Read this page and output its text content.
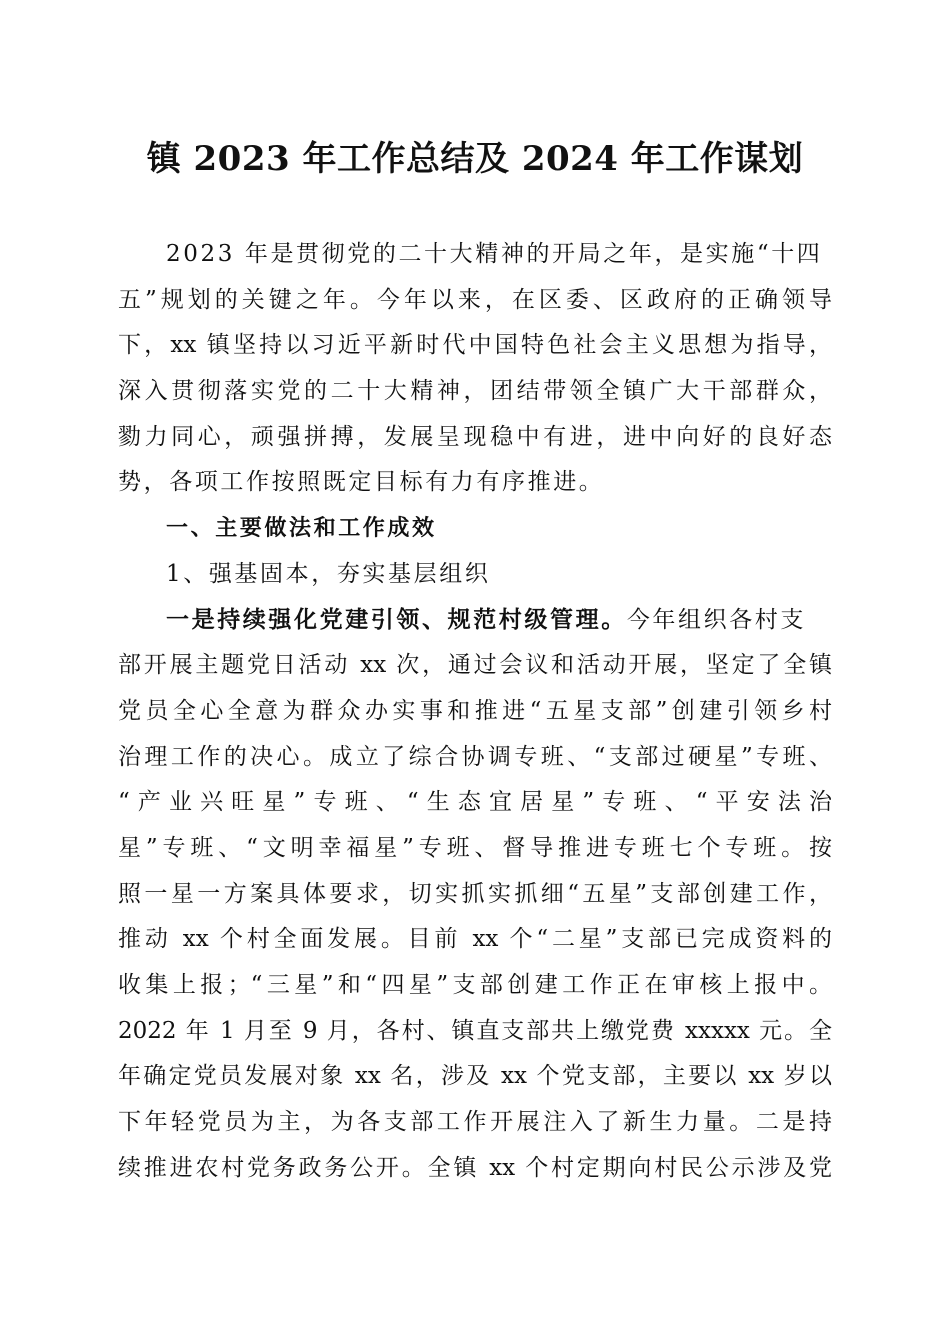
镇 2023 年工作总结及 2024 年工作谋划
2023 年是贯彻党的二十大精神的开局之年，是实施“十四
五”规划的关键之年。今年以来，在区委、区政府的正确领导
下，xx 镇坚持以习近平新时代中国特色社会主义思想为指导，
深入贯彻落实党的二十大精神，团结带领全镇广大干部群众，
勠力同心，顽强拼搏，发展呈现稳中有进，进中向好的良好态
势，各项工作按照既定目标有力有序推进。
一、主要做法和工作成效
1、强基固本，夯实基层组织
一是持续强化党建引领、规范村级管理。今年组织各村支
部开展主题党日活动 xx 次，通过会议和活动开展，坚定了全镇
党员全心全意为群众办实事和推进“五星支部”创建引领乡村
治理工作的决心。成立了综合协调专班、“支部过硬星”专班、
“产业兴旺星”专班、“生态宜居星”专班、“平安法治
星”专班、“文明幸福星”专班、督导推进专班七个专班。按
照一星一方案具体要求，切实抓实抓细“五星”支部创建工作，
推动 xx 个村全面发展。目前 xx 个“二星”支部已完成资料的
收集上报；“三星”和“四星”支部创建工作正在审核上报中。
2022 年 1 月至 9 月，各村、镇直支部共上缴党费 xxxxx 元。全
年确定党员发展对象 xx 名，涉及 xx 个党支部，主要以 xx 岁以
下年轻党员为主，为各支部工作开展注入了新生力量。二是持
续推进农村党务政务公开。全镇 xx 个村定期向村民公示涉及党
